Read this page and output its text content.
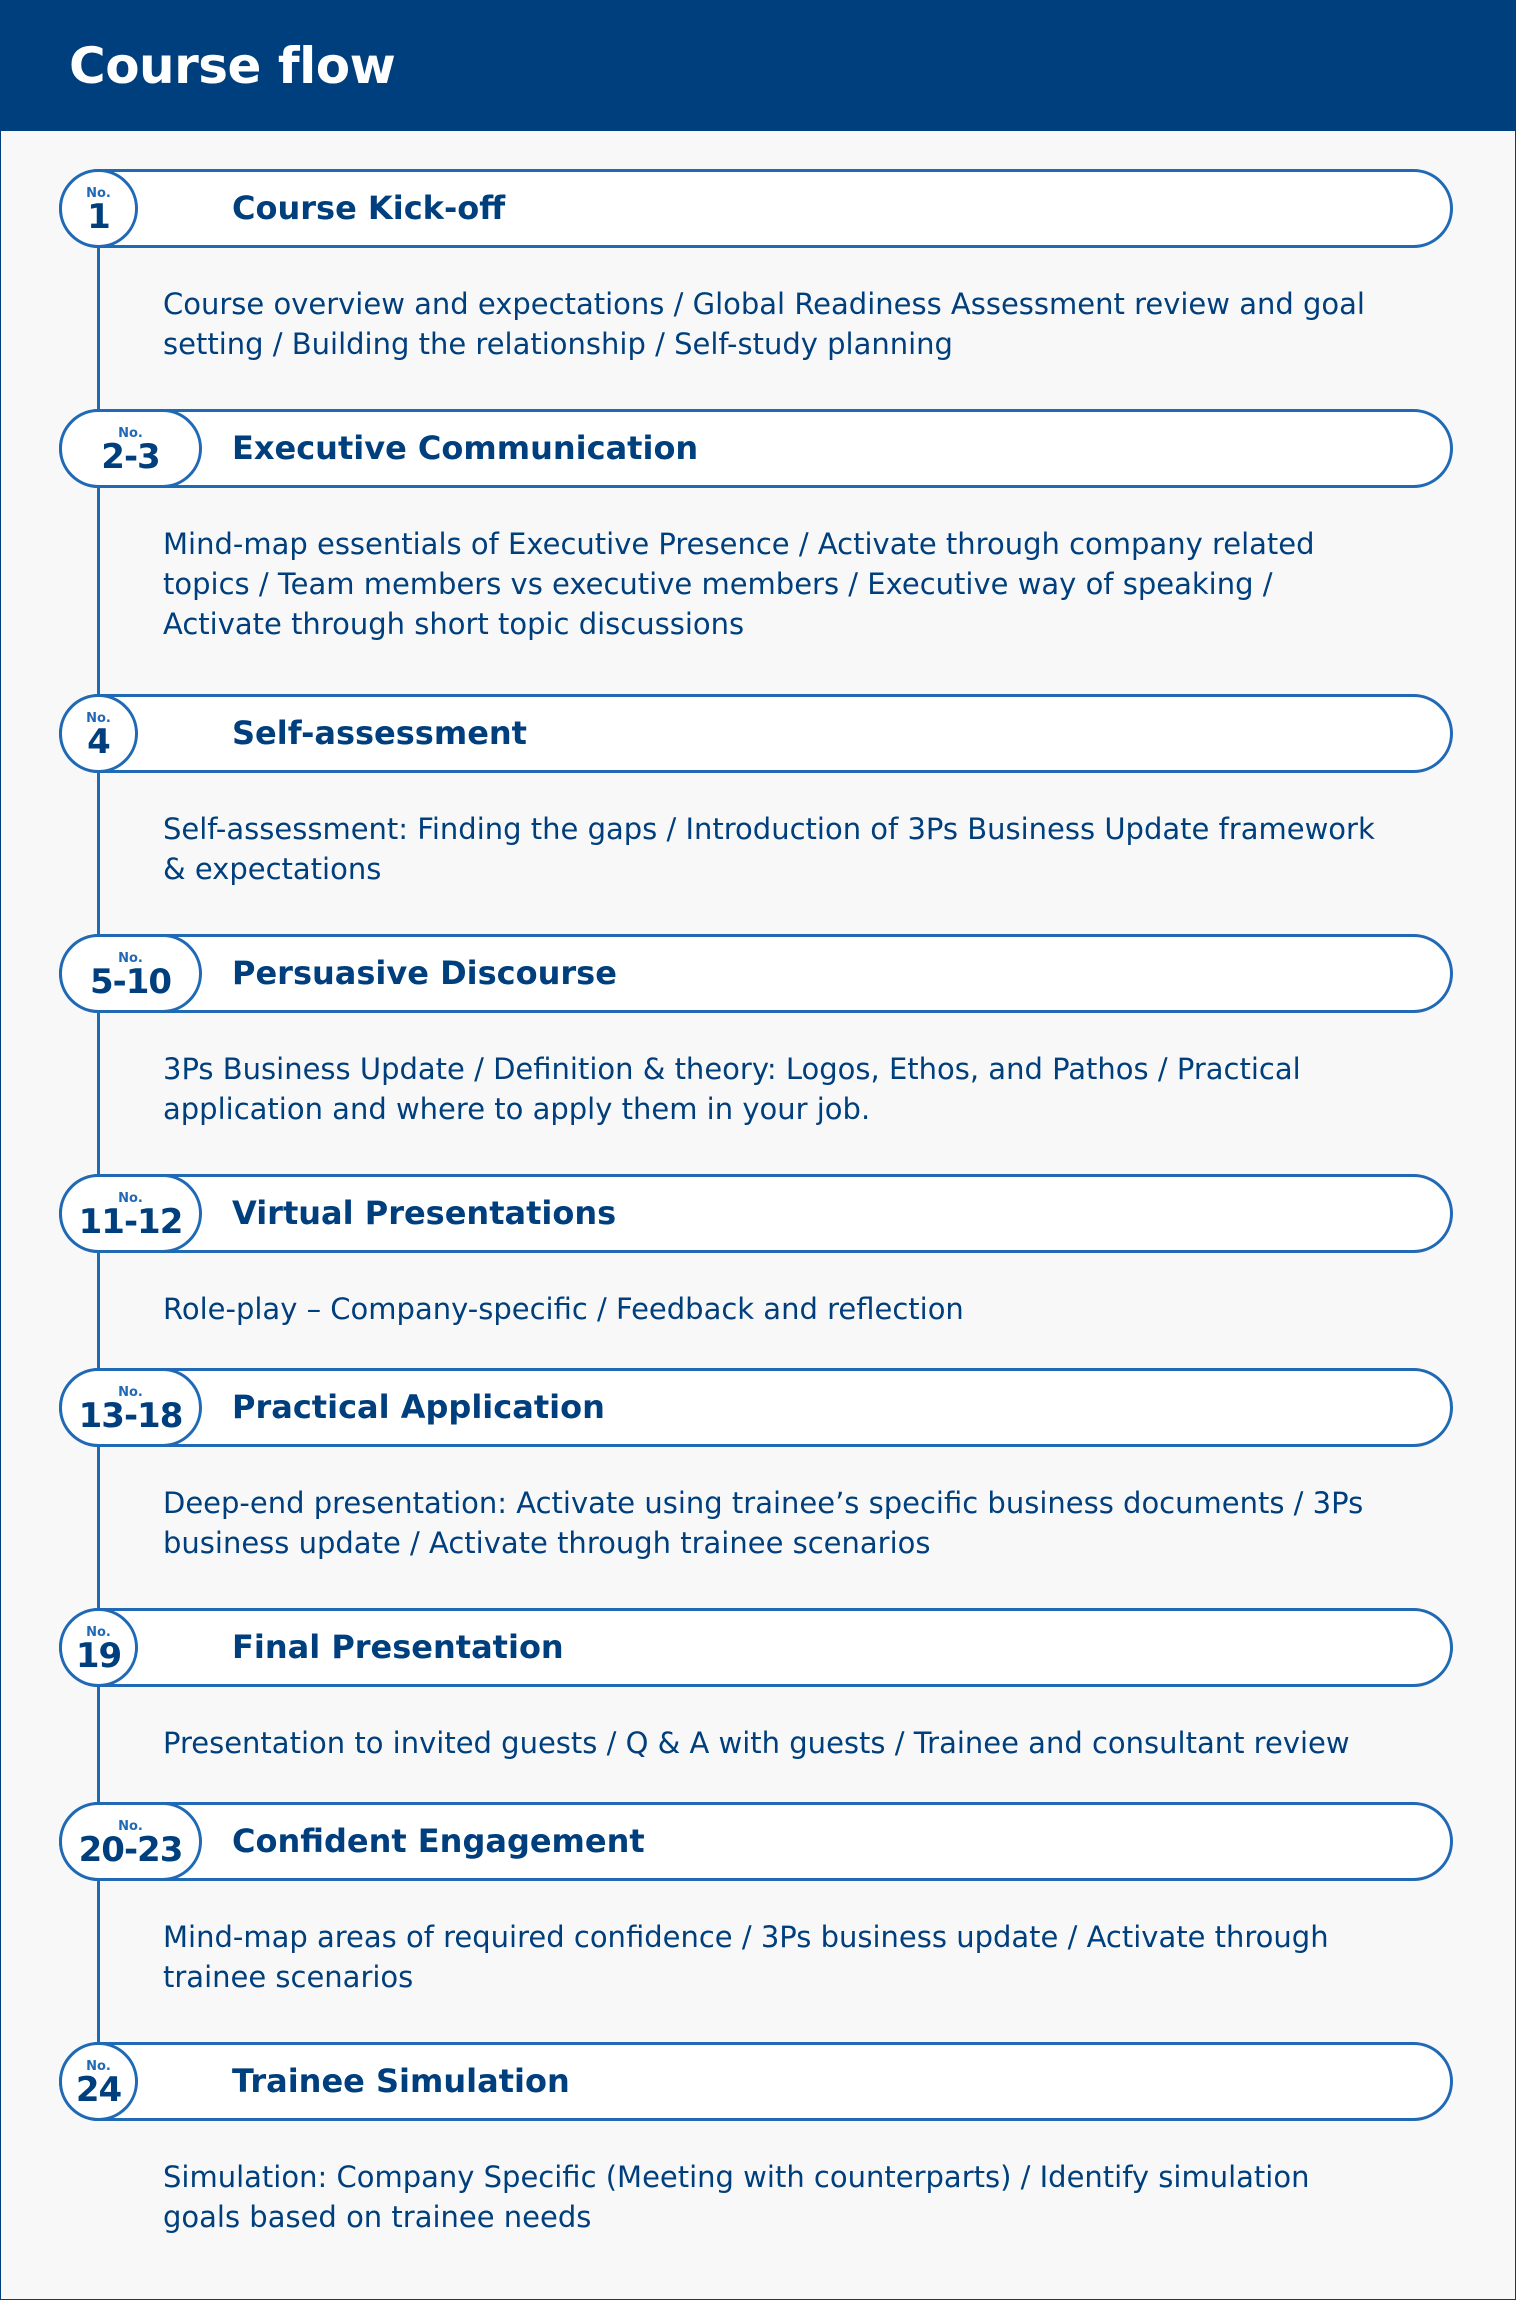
Course flow
No.
1	Course Kick-off
Course overview and expectations / Global Readiness Assessment review and goal setting / Building the relationship / Self-study planning
No.
2-3 Executive Communication
Mind-map essentials of Executive Presence / Activate through company related topics / Team members vs executive members / Executive way of speaking / Activate through short topic discussions
No.
4	Self-assessment
Self-assessment: Finding the gaps / Introduction of 3Ps Business Update framework & expectations
No.
5-10 Persuasive Discourse
3Ps Business Update / Definition & theory: Logos, Ethos, and Pathos / Practical application and where to apply them in your job.
No.
11-12 Virtual Presentations
Role-play – Company-specific / Feedback and reflection
No.
13-18 Practical Application
Deep-end presentation: Activate using trainee’s specific business documents / 3Ps business update / Activate through trainee scenarios
No.
19	Final Presentation
Presentation to invited guests / Q & A with guests / Trainee and consultant review
No.
20-23 Confident Engagement
Mind-map areas of required confidence / 3Ps business update / Activate through trainee scenarios
No.
24	Trainee Simulation
Simulation: Company Specific (Meeting with counterparts) / Identify simulation goals based on trainee needs
